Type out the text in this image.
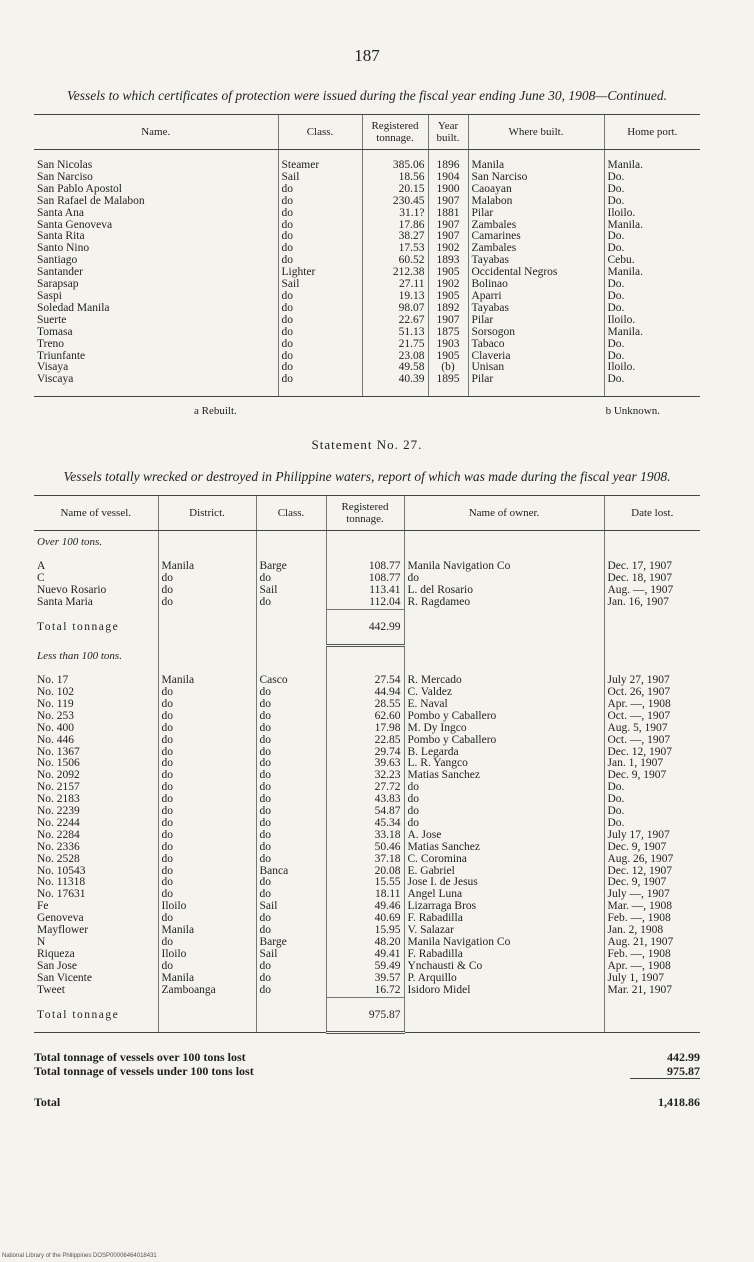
187
Vessels to which certificates of protection were issued during the fiscal year ending June 30, 1908—Continued.
Name.	Class.	Registered tonnage.	Year built.	Where built.	Home port.
San Nicolas	Steamer	385.06	1896	Manila	Manila.
San Narciso	Sail	18.56	1904	San Narciso	Do.
San Pablo Apostol	do	20.15	1900	Caoayan	Do.
San Rafael de Malabon	do	230.45	1907	Malabon	Do.
Santa Ana	do	31.1?	1881	Pilar	Iloilo.
Santa Genoveva	do	17.86	1907	Zambales	Manila.
Santa Rita	do	38.27	1907	Camarines	Do.
Santo Nino	do	17.53	1902	Zambales	Do.
Santiago	do	60.52	1893	Tayabas	Cebu.
Santander	Lighter	212.38	1905	Occidental Negros	Manila.
Sarapsap	Sail	27.11	1902	Bolinao	Do.
Saspi	do	19.13	1905	Aparri	Do.
Soledad Manila	do	98.07	1892	Tayabas	Do.
Suerte	do	22.67	1907	Pilar	Iloilo.
Tomasa	do	51.13	1875	Sorsogon	Manila.
Treno	do	21.75	1903	Tabaco	Do.
Triunfante	do	23.08	1905	Claveria	Do.
Visaya	do	49.58	(b)	Unisan	Iloilo.
Viscaya	do	40.39	1895	Pilar	Do.
a Rebuilt.	b Unknown.
Statement No. 27.
Vessels totally wrecked or destroyed in Philippine waters, report of which was made during the fiscal year 1908.
Name of vessel.	District.	Class.	Registered tonnage.	Name of owner.	Date lost.
Over 100 tons.					
A	Manila	Barge	108.77	Manila Navigation Co	Dec. 17, 1907
C	do	do	108.77	do	Dec. 18, 1907
Nuevo Rosario	do	Sail	113.41	L. del Rosario	Aug. —, 1907
Santa Maria	do	do	112.04	R. Ragdameo	Jan. 16, 1907
Total tonnage			442.99		
Less than 100 tons.					
No. 17	Manila	Casco	27.54	R. Mercado	July 27, 1907
No. 102	do	do	44.94	C. Valdez	Oct. 26, 1907
No. 119	do	do	28.55	E. Naval	Apr. —, 1908
No. 253	do	do	62.60	Pombo y Caballero	Oct. —, 1907
No. 400	do	do	17.98	M. Dy Ingco	Aug. 5, 1907
No. 446	do	do	22.85	Pombo y Caballero	Oct. —, 1907
No. 1367	do	do	29.74	B. Legarda	Dec. 12, 1907
No. 1506	do	do	39.63	L. R. Yangco	Jan. 1, 1907
No. 2092	do	do	32.23	Matias Sanchez	Dec. 9, 1907
No. 2157	do	do	27.72	do	Do.
No. 2183	do	do	43.83	do	Do.
No. 2239	do	do	54.87	do	Do.
No. 2244	do	do	45.34	do	Do.
No. 2284	do	do	33.18	A. Jose	July 17, 1907
No. 2336	do	do	50.46	Matias Sanchez	Dec. 9, 1907
No. 2528	do	do	37.18	C. Coromina	Aug. 26, 1907
No. 10543	do	Banca	20.08	E. Gabriel	Dec. 12, 1907
No. 11318	do	do	15.55	Jose I. de Jesus	Dec. 9, 1907
No. 17631	do	do	18.11	Angel Luna	July —, 1907
Fe	Iloilo	Sail	49.46	Lizarraga Bros	Mar. —, 1908
Genoveva	do	do	40.69	F. Rabadilla	Feb. —, 1908
Mayflower	Manila	do	15.95	V. Salazar	Jan. 2, 1908
N	do	Barge	48.20	Manila Navigation Co	Aug. 21, 1907
Riqueza	Iloilo	Sail	49.41	F. Rabadilla	Feb. —, 1908
San Jose	do	do	59.49	Ynchausti & Co	Apr. —, 1908
San Vicente	Manila	do	39.57	P. Arquillo	July 1, 1907
Tweet	Zamboanga	do	16.72	Isidoro Midel	Mar. 21, 1907
Total tonnage			975.87		
Total tonnage of vessels over 100 tons lost	442.99
Total tonnage of vessels under 100 tons lost	975.87
Total	1,418.86
National Library of the Philippines DOSP00006464018431
